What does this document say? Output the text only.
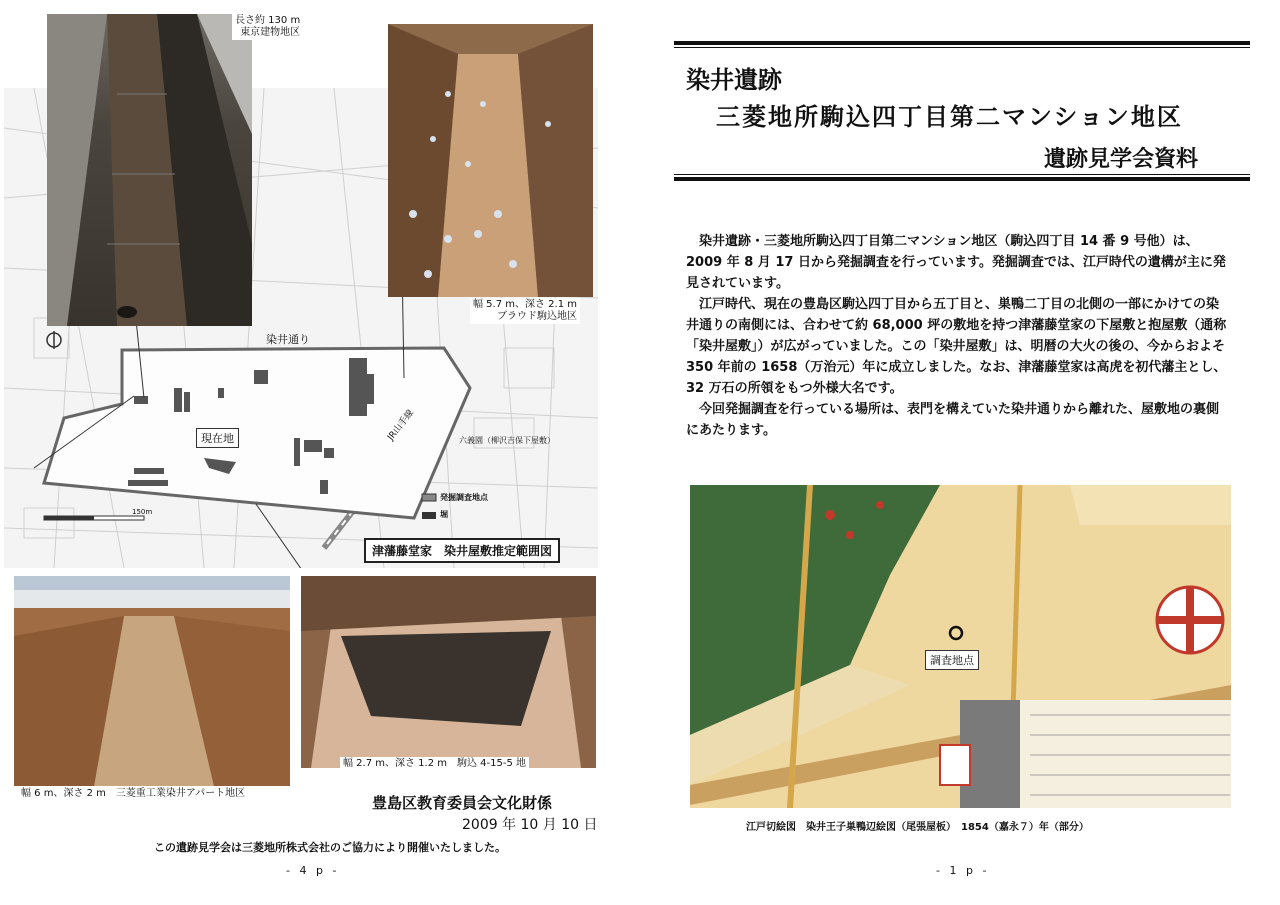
染井通り
現在地	JR山手線	六義園（柳沢吉保下屋敷）
発掘調査地点
堀
150m
津藩藤堂家　染井屋敷推定範囲図
長さ約 130 m
東京建物地区
幅 5.7 m、深さ 2.1 m
ブラウド駒込地区
幅 6 m、深さ 2 m　三菱重工業染井アパート地区
幅 2.7 m、深さ 1.2 m　駒込 4-15-5 地
豊島区教育委員会文化財係
2009 年 10 月 10 日
この遺跡見学会は三菱地所株式会社のご協力により開催いたしました。
- 4 p -
染井遺跡
三菱地所駒込四丁目第二マンション地区
遺跡見学会資料

染井遺跡・三菱地所駒込四丁目第二マンション地区（駒込四丁目 14 番 9 号他）は、2009 年 8 月 17 日から発掘調査を行っています。発掘調査では、江戸時代の遺構が主に発見されています。

江戸時代、現在の豊島区駒込四丁目から五丁目と、巣鴨二丁目の北側の一部にかけての染井通りの南側には、合わせて約 68,000 坪の敷地を持つ津藩藤堂家の下屋敷と抱屋敷（通称「染井屋敷」）が広がっていました。この「染井屋敷」は、明暦の大火の後の、今からおよそ 350 年前の 1658（万治元）年に成立しました。なお、津藩藤堂家は高虎を初代藩主とし、32 万石の所領をもつ外様大名です。

今回発掘調査を行っている場所は、表門を構えていた染井通りから離れた、屋敷地の裏側にあたります。

調査地点
江戸切絵図　染井王子巣鴨辺絵図（尾張屋板）　1854（嘉永７）年（部分）
- 1 p -
